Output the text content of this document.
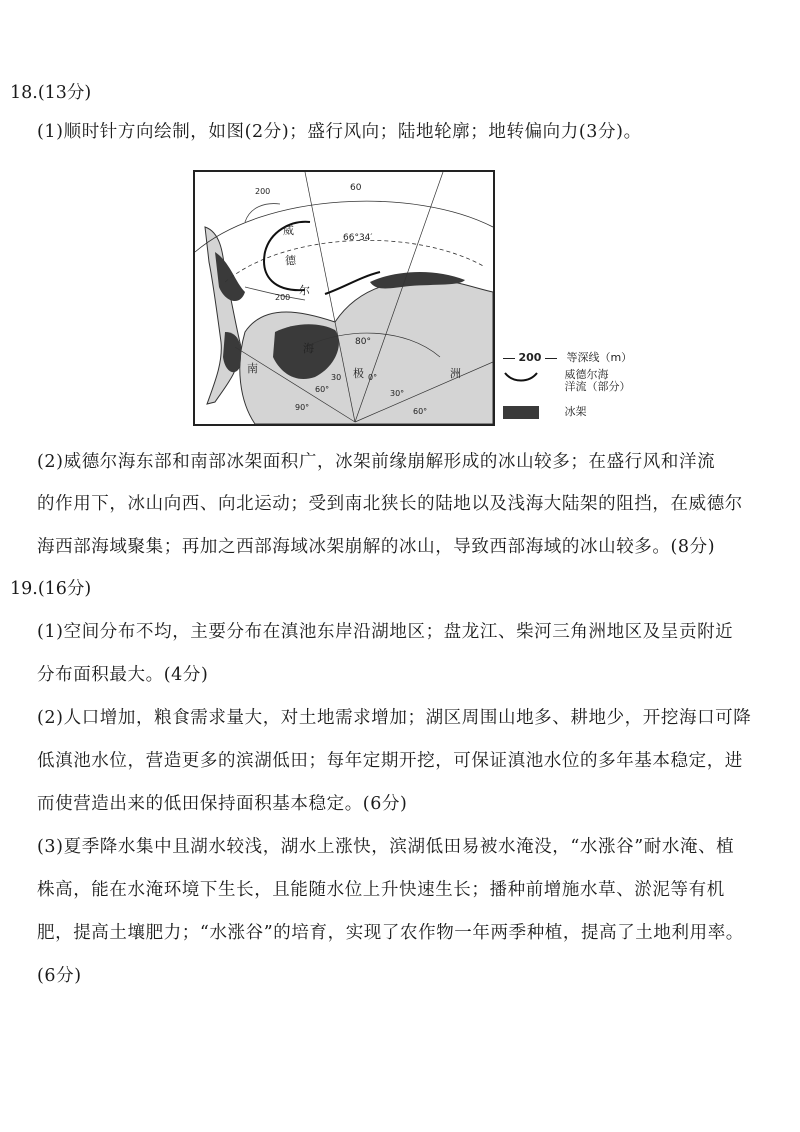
18.(13分)
(1)顺时针方向绘制，如图(2分)；盛行风向；陆地轮廓；地转偏向力(3分)。
60
66°34′
80°
200
200
威
德
尔
海
南	极	洲
30	0°
30°
60°
90°	60°
200 等深线（m）
威德尔海
洋流（部分）
冰架
(2)威德尔海东部和南部冰架面积广，冰架前缘崩解形成的冰山较多；在盛行风和洋流
的作用下，冰山向西、向北运动；受到南北狭长的陆地以及浅海大陆架的阻挡，在威德尔
海西部海域聚集；再加之西部海域冰架崩解的冰山，导致西部海域的冰山较多。(8分)
19.(16分)
(1)空间分布不均，主要分布在滇池东岸沿湖地区；盘龙江、柴河三角洲地区及呈贡附近
分布面积最大。(4分)
(2)人口增加，粮食需求量大，对土地需求增加；湖区周围山地多、耕地少，开挖海口可降
低滇池水位，营造更多的滨湖低田；每年定期开挖，可保证滇池水位的多年基本稳定，进
而使营造出来的低田保持面积基本稳定。(6分)
(3)夏季降水集中且湖水较浅，湖水上涨快，滨湖低田易被水淹没，“水涨谷”耐水淹、植
株高，能在水淹环境下生长，且能随水位上升快速生长；播种前增施水草、淤泥等有机
肥，提高土壤肥力；“水涨谷”的培育，实现了农作物一年两季种植，提高了土地利用率。
(6分)
